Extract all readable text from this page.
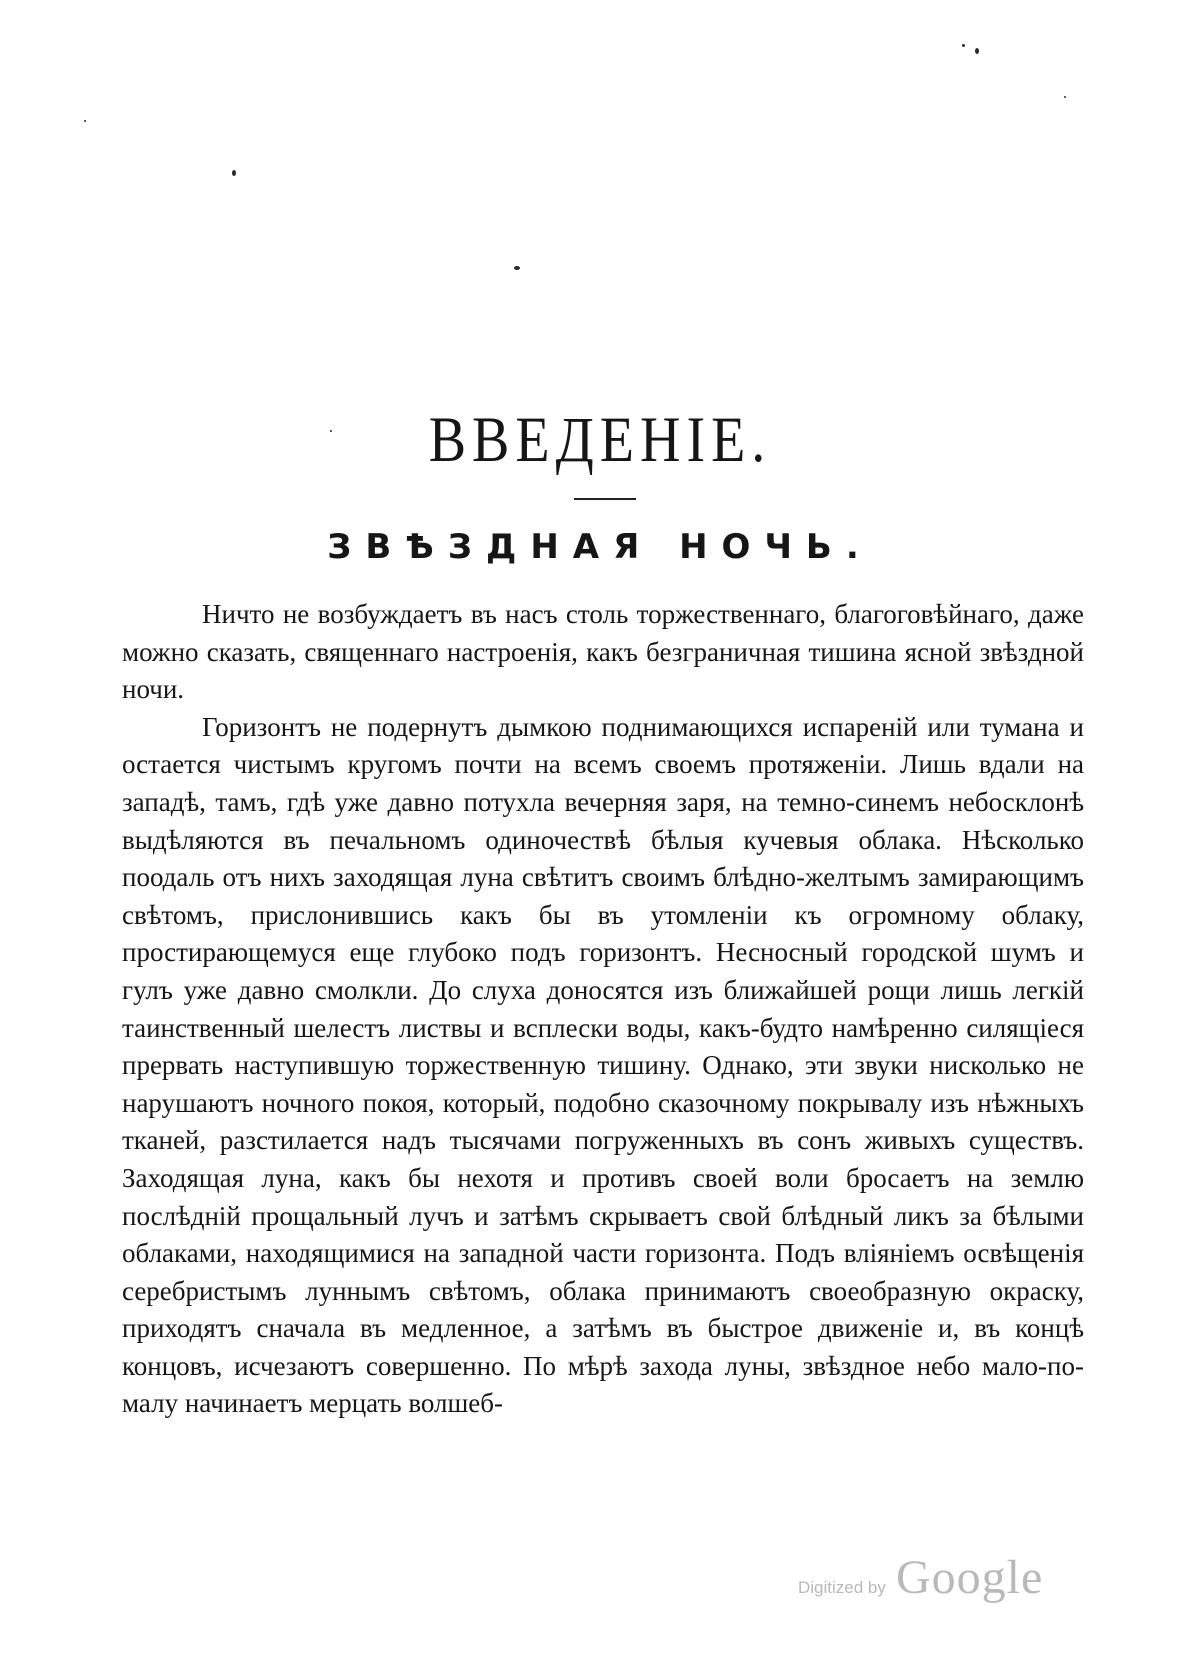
ВВЕДЕНІЕ.
ЗВѢЗДНАЯ НОЧЬ.

Ничто не возбуждаетъ въ насъ столь торжественнаго, благоговѣйнаго, даже можно сказать, священнаго настроенія, какъ безграничная тишина ясной звѣздной ночи.

Горизонтъ не подернутъ дымкою поднимающихся испареній или тумана и остается чистымъ кругомъ почти на всемъ своемъ протяженіи. Лишь вдали на западѣ, тамъ, гдѣ уже давно потухла вечерняя заря, на темно-синемъ небосклонѣ выдѣляются въ печальномъ одиночествѣ бѣлыя кучевыя облака. Нѣсколько поодаль отъ нихъ заходящая луна свѣтитъ своимъ блѣдно-желтымъ замирающимъ свѣтомъ, прислонившись какъ бы въ утомленіи къ огромному облаку, простирающемуся еще глубоко подъ горизонтъ. Несносный городской шумъ и гулъ уже давно смолкли. До слуха доносятся изъ ближайшей рощи лишь легкій таинственный шелестъ листвы и всплески воды, какъ-будто намѣренно силящіеся прервать наступившую торжественную тишину. Однако, эти звуки нисколько не нарушаютъ ночного покоя, который, подобно сказочному покрывалу изъ нѣжныхъ тканей, разстилается надъ тысячами погруженныхъ въ сонъ живыхъ существъ. Заходящая луна, какъ бы нехотя и противъ своей воли бросаетъ на землю послѣдній прощальный лучъ и затѣмъ скрываетъ свой блѣдный ликъ за бѣлыми облаками, находящимися на западной части горизонта. Подъ вліяніемъ освѣщенія серебристымъ луннымъ свѣтомъ, облака принимаютъ своеобразную окраску, приходятъ сначала въ медленное, а затѣмъ въ быстрое движеніе и, въ концѣ концовъ, исчезаютъ совершенно. По мѣрѣ захода луны, звѣздное небо мало-по-малу начинаетъ мерцать волшеб-

Digitized by Google
